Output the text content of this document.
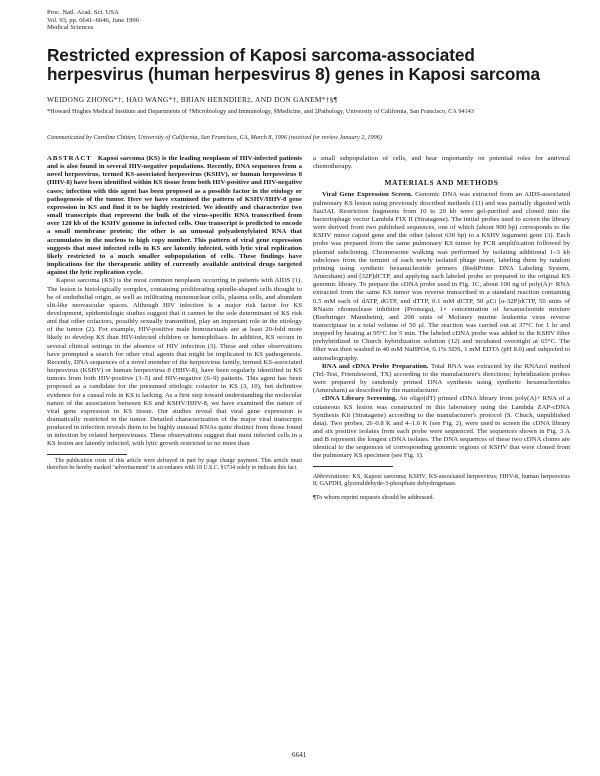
Proc. Natl. Acad. Sci. USA
Vol. 93, pp. 6641–6646, June 1996
Medical Sciences
Restricted expression of Kaposi sarcoma-associated herpesvirus (human herpesvirus 8) genes in Kaposi sarcoma
WEIDONG ZHONG*†, HAO WANG*†, BRIAN HERNDIER‡, AND DON GANEM*†§¶
*Howard Hughes Medical Institute and Departments of †Microbiology and Immunology, §Medicine, and ‡Pathology, University of California, San Francisco, CA 94143
Communicated by Caroline Chitten, University of California, San Francisco, CA, March 8, 1996 (received for review January 2, 1996)

ABSTRACT Kaposi sarcoma (KS) is the leading neoplasm of HIV-infected patients and is also found in several HIV-negative populations. Recently, DNA sequences from a novel herpesvirus, termed KS-associated herpesvirus (KSHV), or human herpesvirus 8 (HHV-8) have been identified within KS tissue from both HIV-positive and HIV-negative cases; infection with this agent has been proposed as a possible factor in the etiology or pathogenesis of the tumor. Here we have examined the pattern of KSHV/HHV-8 gene expression in KS and find it to be highly restricted. We identify and characterize two small transcripts that represent the bulk of the virus-specific RNA transcribed from over 120 kb of the KSHV genome in infected cells. One transcript is predicted to encode a small membrane protein; the other is an unusual polyadenylylated RNA that accumulates in the nucleus to high copy number. This pattern of viral gene expression suggests that most infected cells in KS are latently infected, with lytic viral replication likely restricted to a much smaller subpopulation of cells. These findings have implications for the therapeutic utility of currently available antiviral drugs targeted against the lytic replication cycle.

Kaposi sarcoma (KS) is the most common neoplasm occurring in patients with AIDS (1). The lesion is histologically complex, containing proliferating spindle-shaped cells thought to be of endothelial origin, as well as infiltrating mononuclear cells, plasma cells, and abundant slit-like neovascular spaces. Although HIV infection is a major risk factor for KS development, epidemiologic studies suggest that it cannot be the sole determinant of KS risk and that other cofactors, possibly sexually transmitted, play an important role in the etiology of the tumor (2). For example, HIV-positive male homosexuals are at least 20-fold more likely to develop KS than HIV-infected children or hemophiliacs. In addition, KS occurs in several clinical settings in the absence of HIV infection (3). These and other observations have prompted a search for other viral agents that might be implicated in KS pathogenesis. Recently, DNA sequences of a novel member of the herpesvirus family, termed KS-associated herpesvirus (KSHV) or human herpesvirus 8 (HHV-8), have been regularly identified in KS tumors from both HIV-positive (3–5) and HIV-negative (6–9) patients. This agent has been proposed as a candidate for the presumed etiologic cofactor in KS (3, 10), but definitive evidence for a causal role in KS is lacking. As a first step toward understanding the molecular nature of the association between KS and KSHV/HHV-8, we have examined the nature of viral gene expression in KS tissue. Our studies reveal that viral gene expression is dramatically restricted in the tumor. Detailed characterization of the major viral transcripts produced in infection reveals them to be highly unusual RNAs quite distinct from those found in infection by related herpesviruses. These observations suggest that most infected cells in a KS lesion are latently infected, with lytic growth restricted to no more than

The publication costs of this article were defrayed in part by page charge payment. This article must therefore be hereby marked "advertisement" in accordance with 18 U.S.C. §1734 solely to indicate this fact.

a small subpopulation of cells, and bear importantly on potential roles for antiviral chemotherapy.

MATERIALS AND METHODS

Viral Gene Expression Screen. Genomic DNA was extracted from an AIDS-associated pulmonary KS lesion using previously described methods (11) and was partially digested with Sau3AI. Restriction fragments from 10 to 20 kb were gel-purified and cloned into the bacteriophage vector Lambda FIX II (Stratagene). The initial probes used to screen the library were derived from two published sequences, one of which (about 900 bp) corresponds to the KSHV minor capsid gene and the other (about 630 bp) to a KSHV tegument gene (3). Each probe was prepared from the same pulmonary KS tumor by PCR amplification followed by plasmid subcloning. Chromosome walking was performed by isolating additional 1–3 kb subclones from the termini of each newly isolated phage insert, labeling them by random priming using synthetic hexanucleotide primers (RediPrime DNA Labeling System, Amersham) and [32P]dCTP, and applying each labeled probe so prepared to the original KS genomic library. To prepare the cDNA probe used in Fig. 1C, about 100 ng of poly(A)+ RNA extracted from the same KS tumor was reverse transcribed in a standard reaction containing 0.5 mM each of dATP, dGTP, and dTTP, 0.1 mM dCTP, 50 μCi [α-32P]dCTP, 50 units of RNasin ribonuclease inhibitor (Promega), 1× concentration of hexanucleotide mixture (Boehringer Mannheim), and 200 units of Moloney murine leukemia virus reverse transcriptase in a total volume of 50 μl. The reaction was carried out at 37°C for 1 hr and stopped by heating at 95°C for 5 min. The labeled cDNA probe was added to the KSHV filter prehybridized in Church hybridization solution (12) and incubated overnight at 65°C. The filter was then washed in 40 mM NaHPO4, 0.1% SDS, 1 mM EDTA (pH 8.0) and subjected to autoradiography.

RNA and cDNA Probe Preparation. Total RNA was extracted by the RNAzol method (Tel-Test, Friendswood, TX) according to the manufacturer's directions; hybridization probes were prepared by randomly primed DNA synthesis using synthetic hexanucleotides (Amersham) as described by the manufacturer.

cDNA Library Screening. An oligo(dT) primed cDNA library from poly(A)+ RNA of a cutaneous KS lesion was constructed in this laboratory using the Lambda ZAP-cDNA Synthesis Kit (Stratagene) according to the manufacturer's protocol (S. Chuck, unpublished data). Two probes, 2I–0.8 K and 4–1.6 K (see Fig. 2), were used to screen the cDNA library and six positive isolates from each probe were sequenced. The sequences shown in Fig. 3 A and B represent the longest cDNA isolates. The DNA sequences of these two cDNA clones are identical to the sequences of corresponding genomic regions of KSHV that were cloned from the pulmonary KS specimen (see Fig. 1).

Abbreviations: KS, Kaposi sarcoma; KSHV, KS-associated herpesvirus; HHV-8, human herpesvirus 8; GAPDH, glyceraldehyde-3-phosphate dehydrogenase.
¶To whom reprint requests should be addressed.
6641
